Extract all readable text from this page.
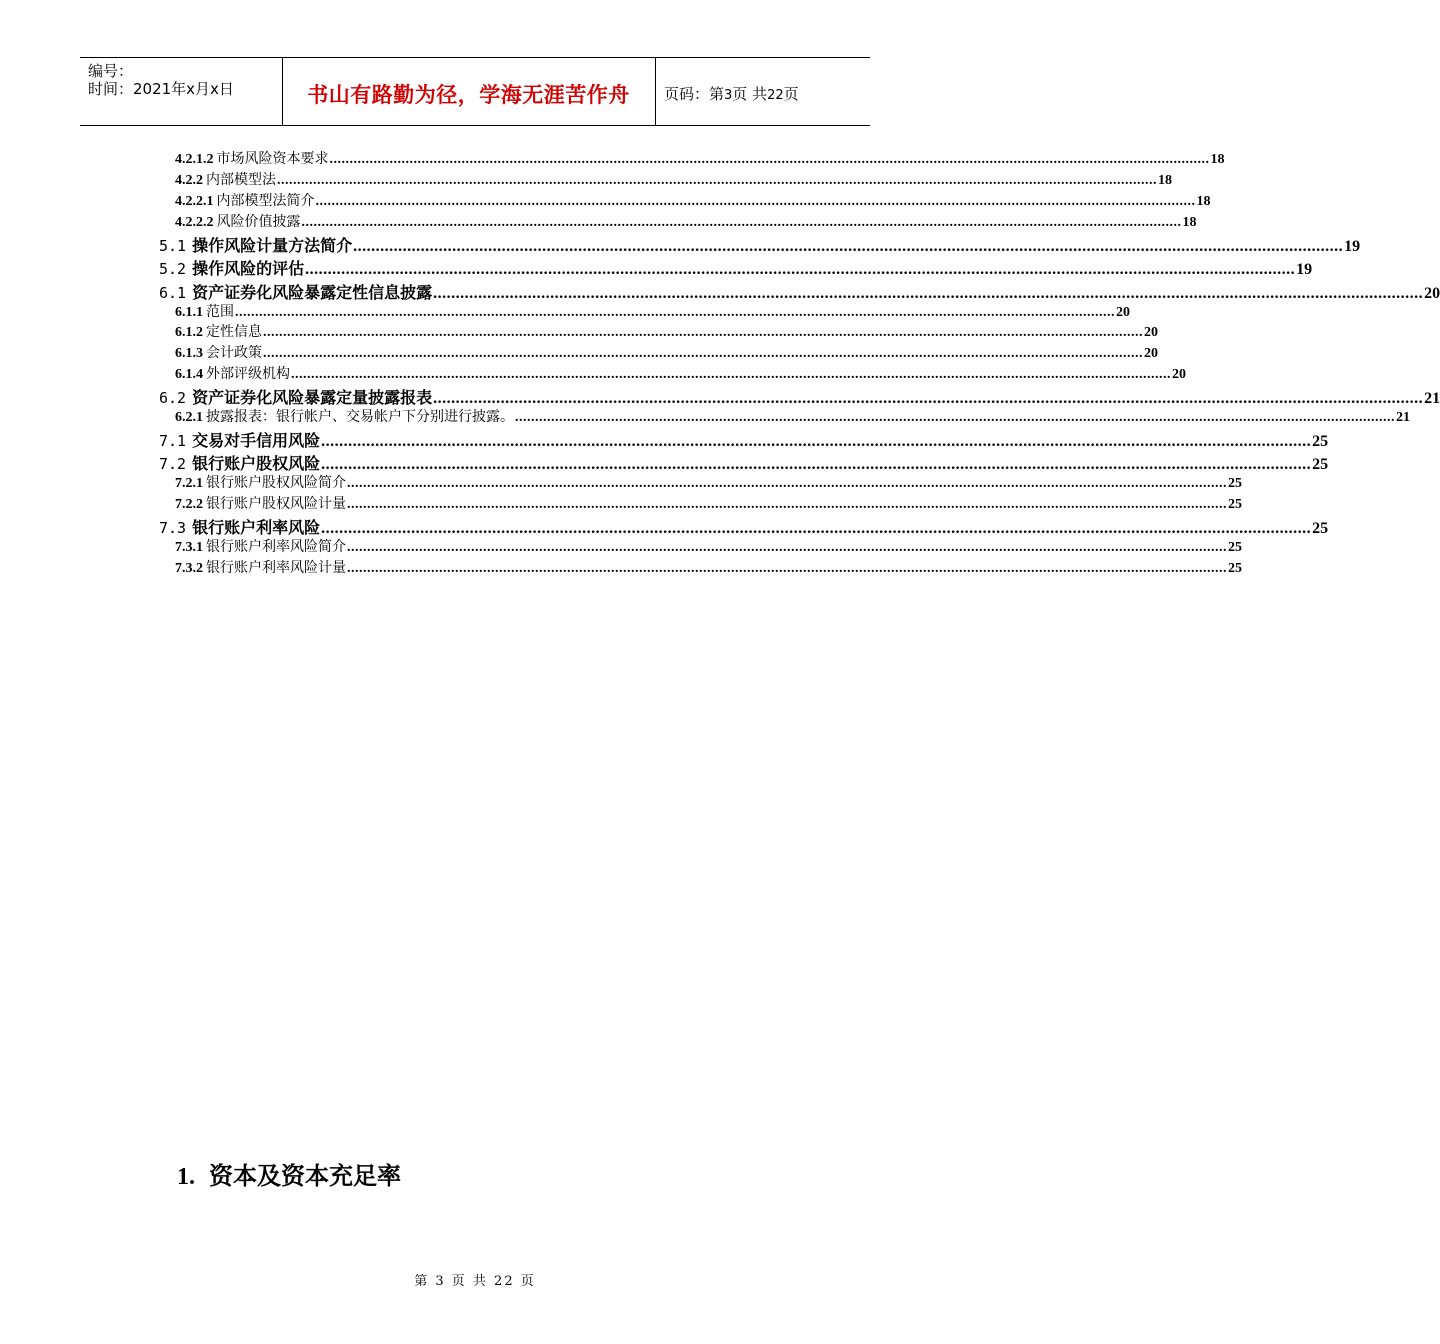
编号：
时间：2021年x月x日	书山有路勤为径，学海无涯苦作舟	页码：第3页 共22页
4.2.1.2 市场风险资本要求 ............................................................................................................................................................................................................................ 18
4.2.2 内部模型法 ............................................................................................................................................................................................................................ 18
4.2.2.1 内部模型法简介 ............................................................................................................................................................................................................................ 18
4.2.2.2 风险价值披露 ............................................................................................................................................................................................................................ 18
5.1 操作风险计量方法简介 ............................................................................................................................................................................................................................ 19
5.2 操作风险的评估 ............................................................................................................................................................................................................................ 19
6.1 资产证券化风险暴露定性信息披露 ............................................................................................................................................................................................................................ 20
6.1.1 范围 ............................................................................................................................................................................................................................ 20
6.1.2 定性信息 ............................................................................................................................................................................................................................ 20
6.1.3 会计政策 ............................................................................................................................................................................................................................ 20
6.1.4 外部评级机构 ............................................................................................................................................................................................................................ 20
6.2 资产证券化风险暴露定量披露报表 ............................................................................................................................................................................................................................ 21
6.2.1 披露报表：银行帐户、交易帐户下分别进行披露。 ............................................................................................................................................................................................................................ 21
7.1 交易对手信用风险 ............................................................................................................................................................................................................................ 25
7.2 银行账户股权风险 ............................................................................................................................................................................................................................ 25
7.2.1 银行账户股权风险简介 ............................................................................................................................................................................................................................ 25
7.2.2 银行账户股权风险计量 ............................................................................................................................................................................................................................ 25
7.3 银行账户利率风险 ............................................................................................................................................................................................................................ 25
7.3.1 银行账户利率风险简介 ............................................................................................................................................................................................................................ 25
7.3.2 银行账户利率风险计量 ............................................................................................................................................................................................................................ 25
1. 资本及资本充足率
第 3 页 共 22 页
